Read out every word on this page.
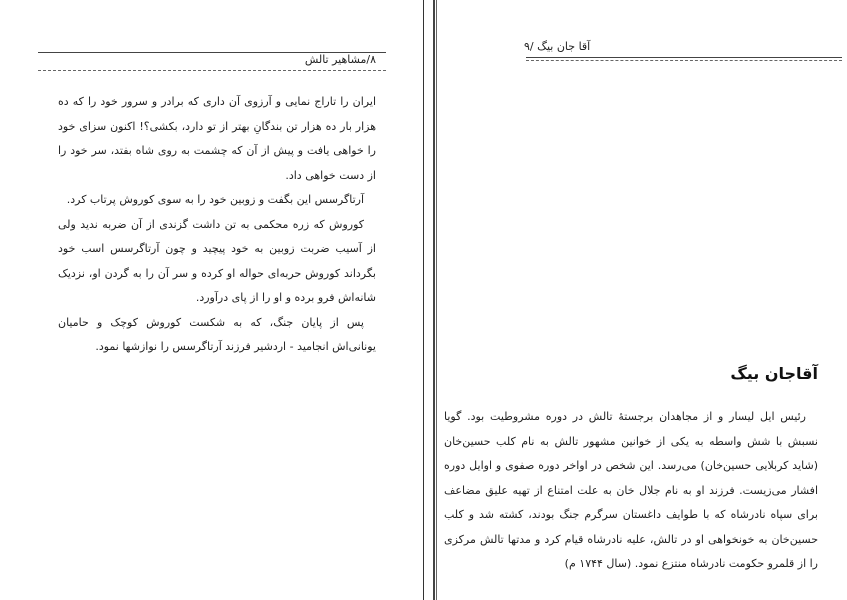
۸/مشاهیر تالش

ایران را تاراج نمایی و آرزوی آن داری که برادر و سرور خود را که ده هزار بار ده هزار تن بندگانِ بهتر از تو دارد، بکشی؟! اکنون سزای خود را خواهی یافت و پیش از آن که چشمت به روی شاه بفتد، سر خود را از دست خواهی داد.

آرتاگرسس این بگفت و زوبین خود را به سوی کوروش پرتاب کرد.

کوروش که زره محکمی به تن داشت گزندی از آن ضربه ندید ولی از آسیب ضربت زوبین به خود پیچید و چون آرتاگرسس اسب خود بگرداند کوروش حربه‌ای حواله او کرده و سر آن را به گردن او، نزدیک شانه‌اش فرو برده و او را از پای درآورد.

پس از پایان جنگ، که به شکست کوروش کوچک و حامیان یونانی‌اش انجامید - اردشیر فرزند آرتاگرسس را نوازشها نمود.

آقا جان بیگ /۹
آقاجان بیگ

رئیس ایل لیسار و از مجاهدان برجستهٔ تالش در دوره مشروطیت بود. گویا نسبش با شش واسطه به یکی از خوانین مشهور تالش به نام کلب حسین‌خان (شاید کربلایی حسین‌خان) می‌رسد. این شخص در اواخر دوره صفوی و اوایل دوره افشار می‌زیست. فرزند او به نام جلال خان به علت امتناع از تهیه علیق مضاعف برای سپاه نادرشاه که با طوایف داغستان سرگرم جنگ بودند، کشته شد و کلب حسین‌خان به خونخواهی او در تالش، علیه نادرشاه قیام کرد و مدتها تالش مرکزی را از قلمرو حکومت نادرشاه منتزع نمود. (سال ۱۷۴۴ م)
